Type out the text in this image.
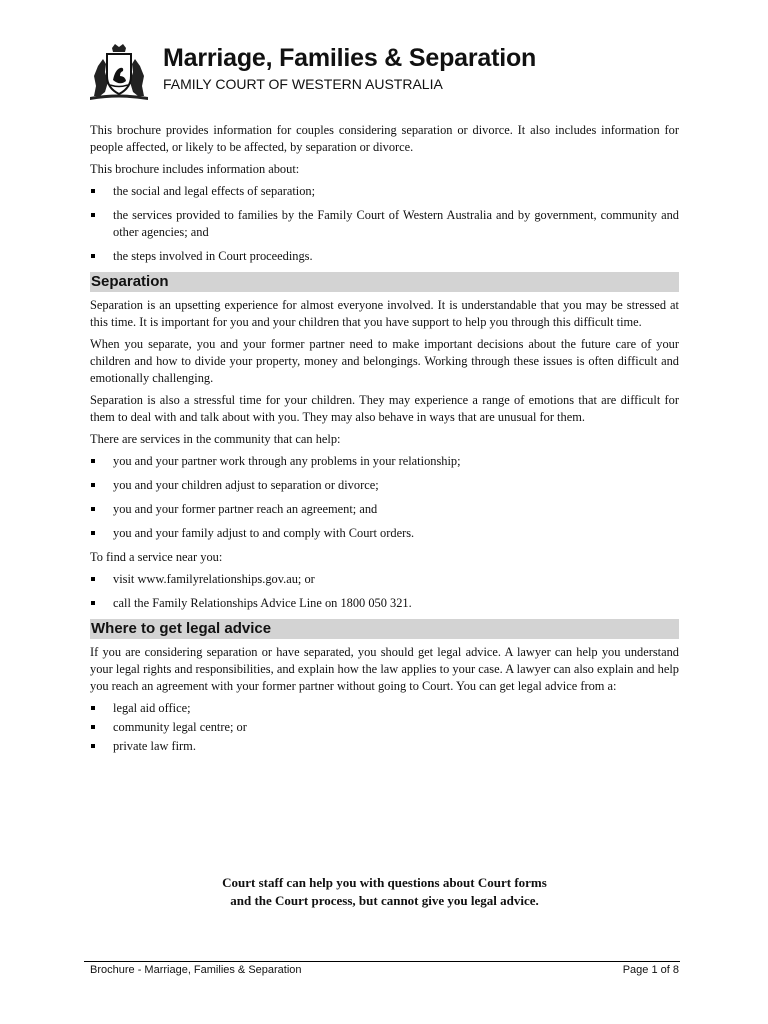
Marriage, Families & Separation
FAMILY COURT OF WESTERN AUSTRALIA

This brochure provides information for couples considering separation or divorce. It also includes information for people affected, or likely to be affected, by separation or divorce.

This brochure includes information about:

the social and legal effects of separation;
the services provided to families by the Family Court of Western Australia and by government, community and other agencies; and
the steps involved in Court proceedings.
Separation

Separation is an upsetting experience for almost everyone involved. It is understandable that you may be stressed at this time. It is important for you and your children that you have support to help you through this difficult time.

When you separate, you and your former partner need to make important decisions about the future care of your children and how to divide your property, money and belongings. Working through these issues is often difficult and emotionally challenging.

Separation is also a stressful time for your children. They may experience a range of emotions that are difficult for them to deal with and talk about with you. They may also behave in ways that are unusual for them.

There are services in the community that can help:

you and your partner work through any problems in your relationship;
you and your children adjust to separation or divorce;
you and your former partner reach an agreement; and
you and your family adjust to and comply with Court orders.

To find a service near you:

visit www.familyrelationships.gov.au; or
call the Family Relationships Advice Line on 1800 050 321.
Where to get legal advice

If you are considering separation or have separated, you should get legal advice. A lawyer can help you understand your legal rights and responsibilities, and explain how the law applies to your case. A lawyer can also explain and help you reach an agreement with your former partner without going to Court. You can get legal advice from a:

legal aid office;
community legal centre; or
private law firm.
Court staff can help you with questions about Court forms
and the Court process, but cannot give you legal advice.
Brochure - Marriage, Families & Separation	Page 1 of 8
